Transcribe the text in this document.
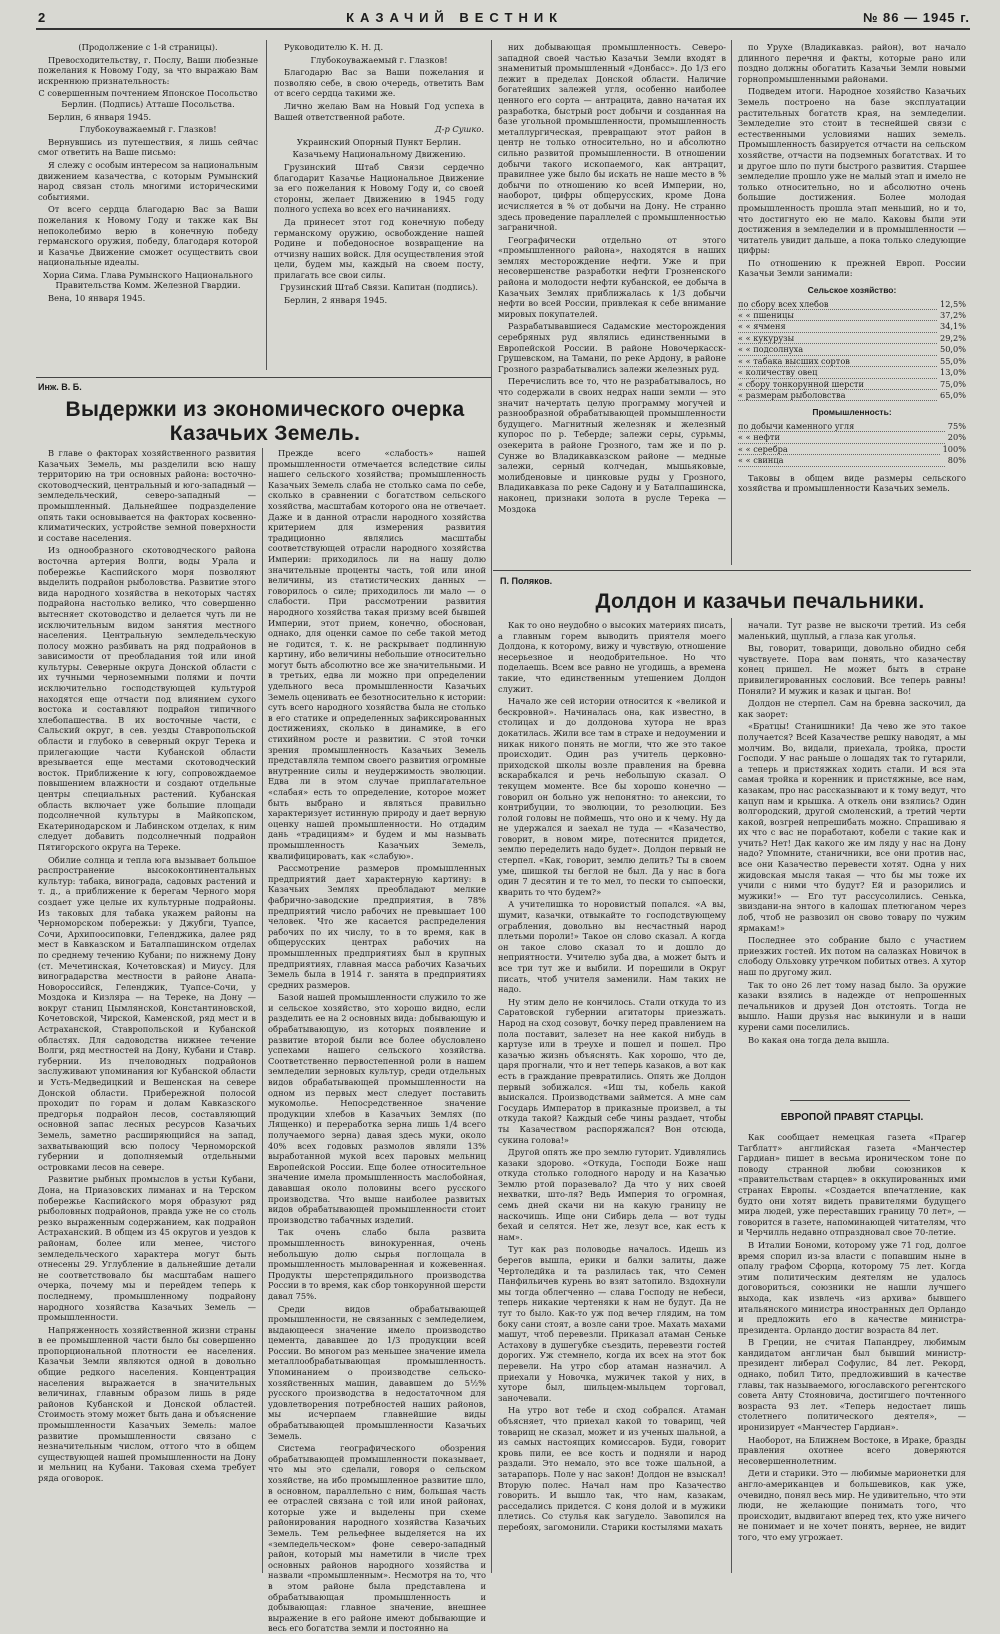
2	КАЗАЧИЙ ВЕСТНИК	№ 86 — 1945 г.

(Продолжение с 1-й страницы).

Превосходительству, г. Послу, Ваши любезные пожелания к Новому Году, за что выражаю Вам искреннюю признательность:

С совершенным почтением Японское Посольство Берлин. (Подпись) Атташе Посольства.

Берлин, 6 января 1945.

Глубокоуважаемый г. Глазков!

Вернувшись из путешествия, я лишь сейчас смог ответить на Ваше письмо:

Я слежу с особым интересом за национальным движением казачества, с которым Румынский народ связан столь многими историческими событиями.

От всего сердца благодарю Вас за Ваши пожелания к Новому Году и также как Вы непоколебимо верю в конечную победу германского оружия, победу, благодаря которой и Казачье Движение сможет осуществить свои национальные идеалы.

Хориа Сима. Глава Румынского Национального Правительства Комм. Железной Гвардии.

Вена, 10 января 1945.

Руководителю К. Н. Д.

Глубокоуважаемый г. Глазков!

Благодарю Вас за Ваши пожелания и позволяю себе, в свою очередь, ответить Вам от всего сердца такими же.

Лично желаю Вам на Новый Год успеха в Вашей ответственной работе.

Д-р Сушко.

Украинский Опорный Пункт Берлин.

Казачьему Национальному Движению.

Грузинский Штаб Связи сердечно благодарит Казачье Национальное Движение за его пожелания к Новому Году и, со своей стороны, желает Движению в 1945 году полного успеха во всех его начинаниях.

Да принесет этот год конечную победу германскому оружию, освобождение нашей Родине и победоносное возвращение на отчизну наших войск. Для осуществления этой цели, будем мы, каждый на своем посту, прилагать все свои силы.

Грузинский Штаб Связи. Капитан (подпись).

Берлин, 2 января 1945.

Инж. В. Б.
Выдержки из экономического очерка Казачьих Земель.

В главе о факторах хозяйственного развития Казачьих Земель, мы разделили всю нашу территорию на три основных района: восточно-скотоводческий, центральный и юго-западный — земледельческий, северо-западный — промышленный. Дальнейшее подразделение опять таки основывается на факторах косвенно-климатических, устройстве земной поверхности и составе населения.

Из однообразного скотоводческого района восточна артерия Волги, воды Урала и побережье Каспийского моря позволяют выделить подрайон рыболовства. Развитие этого вида народного хозяйства в некоторых частях подрайона настолько велико, что совершенно вытесняет скотоводство и делается чуть ли не исключительным видом занятия местного населения. Центральную земледельческую полосу можно разбивать на ряд подрайонов в зависимости от преобладания той или иной культуры. Северные округа Донской области с их тучными черноземными полями и почти исключительно господствующей культурой находятся еще отчасти под влиянием сухого востока и составляют подрайон типичного хлебопашества. В их восточные части, с Сальский округ, в сев. уезды Ставропольской области и глубоко в северный округ Терека и прилегающие части Кубанской области врезывается еще местами скотоводческий восток. Приближение к югу, сопровождаемое повышением влажности и создают отдельные центры специальных растений. Кубанская область включает уже большие площади подсолнечной культуры в Майкопском, Екатеринодарском и Лабинском отделах, к ним следует добавить подсолнечный подрайон Пятигорского округа на Тереке.

Обилие солнца и тепла юга вызывает большое распространение высококонтинентальных культур: табака, винограда, садовых растений и т. д., а приближение к берегам Черного моря создает уже целые их культурные подрайоны. Из таковых для табака укажем районы на Черноморском побережьи: у Джубги, Туапсе, Сочи, Архипоосиповки, Геленджика, далее ряд мест в Кавказском и Баталпашинском отделах по среднему течению Кубани; по нижнему Дону (ст. Мечетинская, Кочетовская) и Миусу. Для виноградарства местности в районе Анапа-Новороссийск, Геленджик, Туапсе-Сочи, у Моздока и Кизляра — на Тереке, на Дону — вокруг станиц Цымлянской, Константиновской, Кочетовской, Чирской, Каменской, ряд мест и в Астраханской, Ставропольской и Кубанской областях. Для садоводства нижнее течение Волги, ряд местностей на Дону, Кубани и Ставр. губернии. Из пчеловодных подрайонов заслуживают упоминания юг Кубанской области и Усть-Медведицкий и Вешенская на севере Донской области. Прибережной полосой проходит по горам и долам Кавказского предгорья подрайон лесов, составляющий основной запас лесных ресурсов Казачьих Земель, заметно расширяющийся на запад, захватывающий всю полосу Черноморской губернии и дополняемый отдельными островками лесов на севере.

Развитие рыбных промыслов в устьи Кубани, Дона, на Приазовских лиманах и на Терском побережье Каспийского моря образуют ряд рыболовных подрайонов, правда уже не со столь резко выраженным содержанием, как подрайон Астраханский. В общем из 45 округов и уездов к районам, более или менее, чистого земледельческого характера могут быть отнесены 29. Углубление в дальнейшие детали не соответствовало бы масштабам нашего очерка, почему мы и перейдем теперь к последнему, промышленному подрайону народного хозяйства Казачьих Земель — промышленности.

Напряженность хозяйственной жизни страны в ее промышленной части было бы совершенно пропорциональной плотности ее населения. Казачьи Земли являются одной в довольно общие редкого населения. Концентрация населения выражается в значительных величинах, главным образом лишь в ряде районов Кубанской и Донской областей. Стоимость этому может быть дана и объяснение промышленности Казачьих Земель: малое развитие промышленности связано с незначительным числом, оттого что в общем существующей нашей промышленности на Дону и мельниц на Кубани. Таковая схема требует ряда оговорок.

Прежде всего «слабость» нашей промышленности отмечается вследствие силы нашего сельского хозяйства; промышленность Казачьих Земель слаба не столько сама по себе, сколько в сравнении с богатством сельского хозяйства, масштабам которого она не отвечает. Даже и в данной отрасли народного хозяйства критерием для измерения развития традиционно являлись масштабы соответствующей отрасли народного хозяйства Империи: приходилось ли на нашу долю значительные проценты часть, той или иной величины, из статистических данных — говорилось о силе; приходилось ли мало — о слабости. При рассмотрении развития народного хозяйства такая призму всей бывшей Империи, этот прием, конечно, обоснован, однако, для оценки самое по себе такой метод не годится, т. к. не раскрывает подлинную картину, ибо величины небольшие относительно могут быть абсолютно все же значительными. И в третьих, едва ли можно при определении удельного веса промышленности Казачьих Земель оценивать ее безотносительно к истории: суть всего народного хозяйства была не столько в его статике и определенных зафиксированных достижениях, сколько в динамике, в его стихийном росте и развитии. С этой точки зрения промышленность Казачьих Земель представляла темпом своего развития огромные внутренние силы и неудержимость эволюции. Едва ли в этом случае приплагательное «слабая» есть то определение, которое может быть выбрано и являться правильно характеризует истинную природу и дает верную оценку нашей промышленности. Но отдадим дань «традициям» и будем и мы называть промышленность Казачьих Земель, квалифицировать, как «слабую».

Рассмотрение размеров промышленных предприятий дает характерную картину: в Казачьих Землях преобладают мелкие фабрично-заводские предприятия, в 78% предприятий число рабочих не превышает 100 человек. Что же касается распределения рабочих по их числу, то в то время, как в общерусских центрах рабочих на промышленных предприятиях был в крупных предприятиях, главная масса рабочих Казачьих Земель была в 1914 г. занята в предприятиях средних размеров.

Базой нашей промышленности служило то же и сельское хозяйство, это хорошо видно, если разделить ее на 2 основных вида: добывающую и обрабатывающую, из которых появление и развитие второй были все более обусловлено успехами нашего сельского хозяйства. Соответственно первостепенной роли в нашем земледелии зерновых культур, среди отдельных видов обрабатывающей промышленности на одном из первых мест следует поставить мукомолье. Непосредственное значение продукции хлебов в Казачьих Землях (по Лященко) и переработка зерна лишь 1/4 всего получаемого зерна) давая здесь муки, около 40% всех годовых размолов являли 13% выработанной мукой всех паровых мельниц Европейской России. Еще более относительное значение имела промышленность маслобойная, дававшая около половины всего русского производства. Что выше наиболее развитых видов обрабатывающей промышленности стоит производство табачных изделий.

Так очень слабо была развита промышленность винокуренная, очень небольшую долю сырья поглощала в промышленность мыловаренная и кожевенная. Продукты шерстепрядильного производства России в то время, как сбор тонкорунной шерсти давал 75%.

Среди видов обрабатывающей промышленности, не связанных с земледелием, выдающееся значение имело производство цемента, дававшее до 1/3 продукции всей России. Во многом раз меньшее значение имела металлообрабатывающая промышленность. Упоминанием о производстве сельско-хозяйственных машин, дававшем до 5½% русского производства в недостаточном для удовлетворения потребностей наших районов, мы исчерпаем главнейшие виды обрабатывающей промышленности Казачьих Земель.

Система географического обозрения обрабатывающей промышленности показывает, что мы это сделали, говоря о сельском хозяйстве, на ибо промышленное развитие шло, в основном, параллельно с ним, большая часть ее отраслей связана с той или иной районах, которые уже и выделены при схеме районирования народного хозяйства Казачьих Земель. Тем рельефнее выделяется на их «земледельческом» фоне северо-западный район, который мы наметили в числе трех основных районов народного хозяйства и назвали «промышленным». Несмотря на то, что в этом районе была представлена и обрабатывающая промышленность и добывающая: главное значение, внешнее выражение в его районе имеют добывающие и весь его богатства земли и постоянно на

них добывающая промышленность. Северо-западной своей частью Казачьи Земли входят в знаменитый промышленный «Донбасс». До 1/3 его лежит в пределах Донской области. Наличие богатейших залежей угля, особенно наиболее ценного его сорта — антрацита, давно начатая их разработка, быстрый рост добычи и созданная на базе угольной промышленности, промышленность металлургическая, превращают этот район в центр не только относительно, но и абсолютно сильно развитой промышленности. В отношении добычи такого ископаемого, как антрацит, правилнее уже было бы искать не наше место в % добычи по отношению ко всей Империи, но, наоборот, цифры общерусских, кроме Дона исчисляется в % от добычи на Дону. Не странно здесь проведение параллелей с промышленностью заграничной.

Географически отдельно от этого «промышленного района», находятся в наших землях месторождение нефти. Уже и при несовершенстве разработки нефти Грозненского района и молодости нефти кубанской, ее добыча в Казачьих Землях приближалась к 1/3 добычи нефти во всей России, привлекая к себе внимание мировых покупателей.

Разрабатывавшиеся Садамские месторождения серебряных руд являлись единственными в Европейской России. В районе Новочеркасск-Грушевском, на Тамани, по реке Ардону, в районе Грозного разрабатывались залежи железных руд.

Перечислить все то, что не разрабатывалось, но что содержали в своих недрах наши земли — это значит начертать целую программу могучей и разнообразной обрабатывающей промышленности будущего. Магнитный железняк и железный купорос по р. Теберде; залежи серы, сурьмы, озекерита в районе Грозного, там же и по р. Сунже во Владикавказском районе — медные залежи, серный колчедан, мышьяковые, молибденовые и цинковые руды у Грозного, Владикавказа по реке Садону и у Баталпашинска, наконец, признаки золота в русле Терека — Моздока

по Урухе (Владикавказ. район), вот начало длинного перечня и факты, которые рано или поздно должны обогатить Казачьи Земли новыми горнопромышленными районами.

Подведем итоги. Народное хозяйство Казачьих Земель построено на базе эксплуатации растительных богатств края, на земледелии. Земледелие это стоит в теснейшей связи с естественными условиями наших земель. Промышленность базируется отчасти на сельском хозяйстве, отчасти на подземных богатствах. И то и другое шло по пути быстрого развития. Старшее земледелие прошло уже не малый этап и имело не только относительно, но и абсолютно очень большие достижения. Более молодая промышленность прошла этап меньший, но и то, что достигнуто ею не мало. Каковы были эти достижения в земледелии и в промышленности — читатель увидит дальше, а пока только следующие цифры:

По отношению к прежней Европ. России Казачьи Земли занимали:

Сельское хозяйство:
по сбору всех хлебов	12,5%
« « пшеницы	37,2%
« « ячменя	34,1%
« « кукурузы	29,2%
« « подсолнуха	50,0%
« « табака высших сортов	55,0%
« количеству овец	13,0%
« сбору тонкорунной шерсти	75,0%
« размерам рыболовства	65,0%
Промышленность:
по добычи каменного угля	75%
« « нефти	20%
« « серебра	100%
« « свинца	80%

Таковы в общем виде размеры сельского хозяйства и промышленности Казачьих земель.

П. Поляков.
Долдон и казачьи печальники.

Как то оно неудобно о высоких материях писать, а главным горем выводить приятеля моего Долдона, к которому, вижу и чувствую, отношение несерьезное и неодобрительное. Но что поделаешь. Всем все равно не угодишь, а времена такие, что единственным утешением Долдон служит.

Начало же сей истории относится к «великой и бескровной». Начиналась она, как известно, в столицах и до долдонова хутора не враз докатилась. Жили все там в страхе и недоумении и никак никого понять не могли, что же это такое происходит. Один раз учитель церковно-приходской школы возле правления на бревна вскарабкался и речь небольшую сказал. О текущем моменте. Все бы хорошо конечно — говорил он больно уж непонятно: то анексии, то контрибуции, то эволюции, то резолюции. Без голой головы не поймешь, что оно и к чему. Ну да не удержался и заехал не туда — «Казачество, говорит, в новом мире, потеснится придется, землю переделить надо будет». Долдон первый не стерпел. «Как, говорит, землю делить? Ты в своем уме, шишкой ты беглой не был. Да у нас в бога один 7 десятин и те то мел, то пески то сыпоески, кварить то что будем?»

А учителишка то норовистый попался. «А вы, шумит, казачки, отвыкайте то господствующему ограбления, довольно вы несчастный народ плетьми пороли!» Такое он слово сказал. А когда он такое слово сказал то и дошло до неприятности. Учителю зуба два, а может быть и все три тут же и выбили. И порешили в Округ писать, чтоб учителя заменили. Нам таких не надо.

Ну этим дело не кончилось. Стали откуда то из Саратовской губернии агитаторы приезжать. Народ на сход созовут, бочку перед правлением на пола поставит, залезет на нее какой нибудь в картузе или в треухе и пошел и пошел. Про казачью жизнь объяснять. Как хорошо, что де, царя прогнали, что и нет теперь казаков, а вот как есть в гражданиe превратились. Опять же Долдон первый зобижался. «Иш ты, кобель какой выискался. Производствами займется. А мне сам Государь Император в приказные произвел, а ты откуда такой? Каждый себе чины раздает, чтобы ты Казачеством распоряжался? Вон отсюда, сукина голова!»

Другой опять же про землю гуторит. Удивлялись казаки здорово. «Откуда, Господи Боже наш откуда столько голодного народу и на Казачью Землю ртой поразевало? Да что у них своей нехватки, што-ля? Ведь Империя то огромная, семь дней скачи ни на какую границу не наскочишь. Ище они Сибирь дела — вот туды бехай и селятся. Нет же, лезут все, как есть к нам».

Тут как раз половодье началось. Идешь из берегов вышла, ерики и балки залиты, даже Чертоледйка и та разлилась так, что Семен Панфильичев курень во взят затопило. Вздохнули мы тогда облегченно — слава Господу не небеси, теперь никакие чертеняки к нам не будут. Да не тут то было. Как-то уж под вечер глядим, на том боку сани стоят, а возле сани трое. Махать махами машут, чтоб перевезли. Приказал атаман Сеньке Астахову в душегубке съездить, перевезти гостей дорогих. Уж стемнело, когда их всех на этот бок перевели. На утро сбор атаман назначил. А приехали у Новочка, мужичек такой у них, в хуторе был, шильцем-мыльцем торговал, заночевали.

На утро вот тебе и сход собрался. Атаман объясняет, что приехал какой то товарищ, чей товарищ не сказал, может и из ученых шальной, а из самых настоящих комиссаров. Буди, говорит кровь пили, ее все кость и подняли и народ раздали. Это немало, это все тоже шальной, а затарапорь. Поле у нас закон! Долдон не взыскал! Вторую полес. Начал нам про Казачество говорить. И вышло так, что нам, казакам, расседались придется. С коня долой и в мужики плетись. Со стулья как загудело. Завопился на перебоях, загомонили. Старики костылями махать

начали. Тут разве не выскочи третий. Из себя маленький, щуплый, а глаза как уголья.

Вы, говорит, товарищи, довольно обидно себя чувствуете. Пора вам понять, что казачеству конец пришел. Не может быть в стране привилегированных сословий. Все теперь равны! Поняли? И мужик и казак и цыган. Во!

Долдон не стерпел. Сам на бревна заскочил, да как заорет:

«Братцы! Станишники! Да чево же это такое получается? Всей Казачестве решку наводят, а мы молчим. Во, видали, приехала, тройка, прости Господи. У нас раньше о лошадях так то гутарили, а теперь и пристяжках ходить стали. И вся эта самая тройка и коренник и пристяжные, все нам, казакам, про нас рассказывают и к тому ведут, что кацуп нам и крышка. А откель они взялись? Один волгородский, другой смоленский, а третий черти какой, возгрей непрешибать можно. Спрашиваю я их что с вас не поработают, кобели с такие как и учить? Нет! Дак какого же им ляду у нас на Дону надо? Упомните, станичники, все они против нас, все они Казачество перевести хотят. Одна у них жидовская мысля такая — что бы мы тоже их учили с ними что будут? Ей и разорились и мужики!» — Его тут рассусолились. Сенька, звиздани-на энтого в калошах плетюганом через лоб, чтоб не развозил он свово товару по чужим ярмакам!»

Последнее это собрание было с участием приезжих гостей. Их потом на салазках Новичок в слободу Ольховку утречком побитых отвез. А хутор наш по другому жил.

Так то оно 26 лет тому назад было. За оружие казаки взялись в надежде от непрошенных печальников и друзей Дон отстоять. Тогда не вышло. Наши друзья нас выкинули и в наши курени сами поселились.

Во какая она тогда дела вышла.

ЕВРОПОЙ ПРАВЯТ СТАРЦЫ.

Как сообщает немецкая газета «Прагер Тагблатт» английская газета «Манчестер Гардиан» пишет в весьма ироническом тоне по поводу странной любви союзников к «правительствам старцев» в оккупированных ими странах Европы. «Создается впечатление, как будто они хотят видеть правителями будущего мира людей, уже переставших границу 70 лет», — говорится в газете, напоминающей читателям, что и Черчилль недавно отпраздновал свое 70-летие.

В Италии Бономи, которому уже 71 год, долгое время спорил из-за власти с попавшим ныне в опалу графом Сфорца, которому 75 лет. Когда этим политическим деятелям не удалось договориться, союзники не нашли лучшего выхода, как извлечь «из архива» бывшего итальянского министра иностранных дел Орландо и предложить его в качестве министра-президента. Орландо достиг возраста 84 лет.

В Греции, не считая Папандреу, любимым кандидатом англичан был бывший министр-президент либерал Софулис, 84 лет. Рекорд, однако, побил Тито, предложивший в качестве главы, так называемого, югославского регентского совета Анту Стояновича, достигшего почтенного возраста 93 лет. «Теперь недостает лишь столетнего политического деятеля», — иронизирует «Манчестер Гардиан».

Наоборот, на Ближнем Востоке, в Ираке, бразды правления охотнее всего доверяются несовершеннолетним.

Дети и старики. Это — любимые марионетки для англо-американцев и большевиков, как уже, очевидно, понял весь мир. Не удивительно, что эти люди, не желающие понимать того, что происходит, выдвигают вперед тех, кто уже ничего не понимает и не хочет понять, вернее, не видит того, что ему угрожает.
